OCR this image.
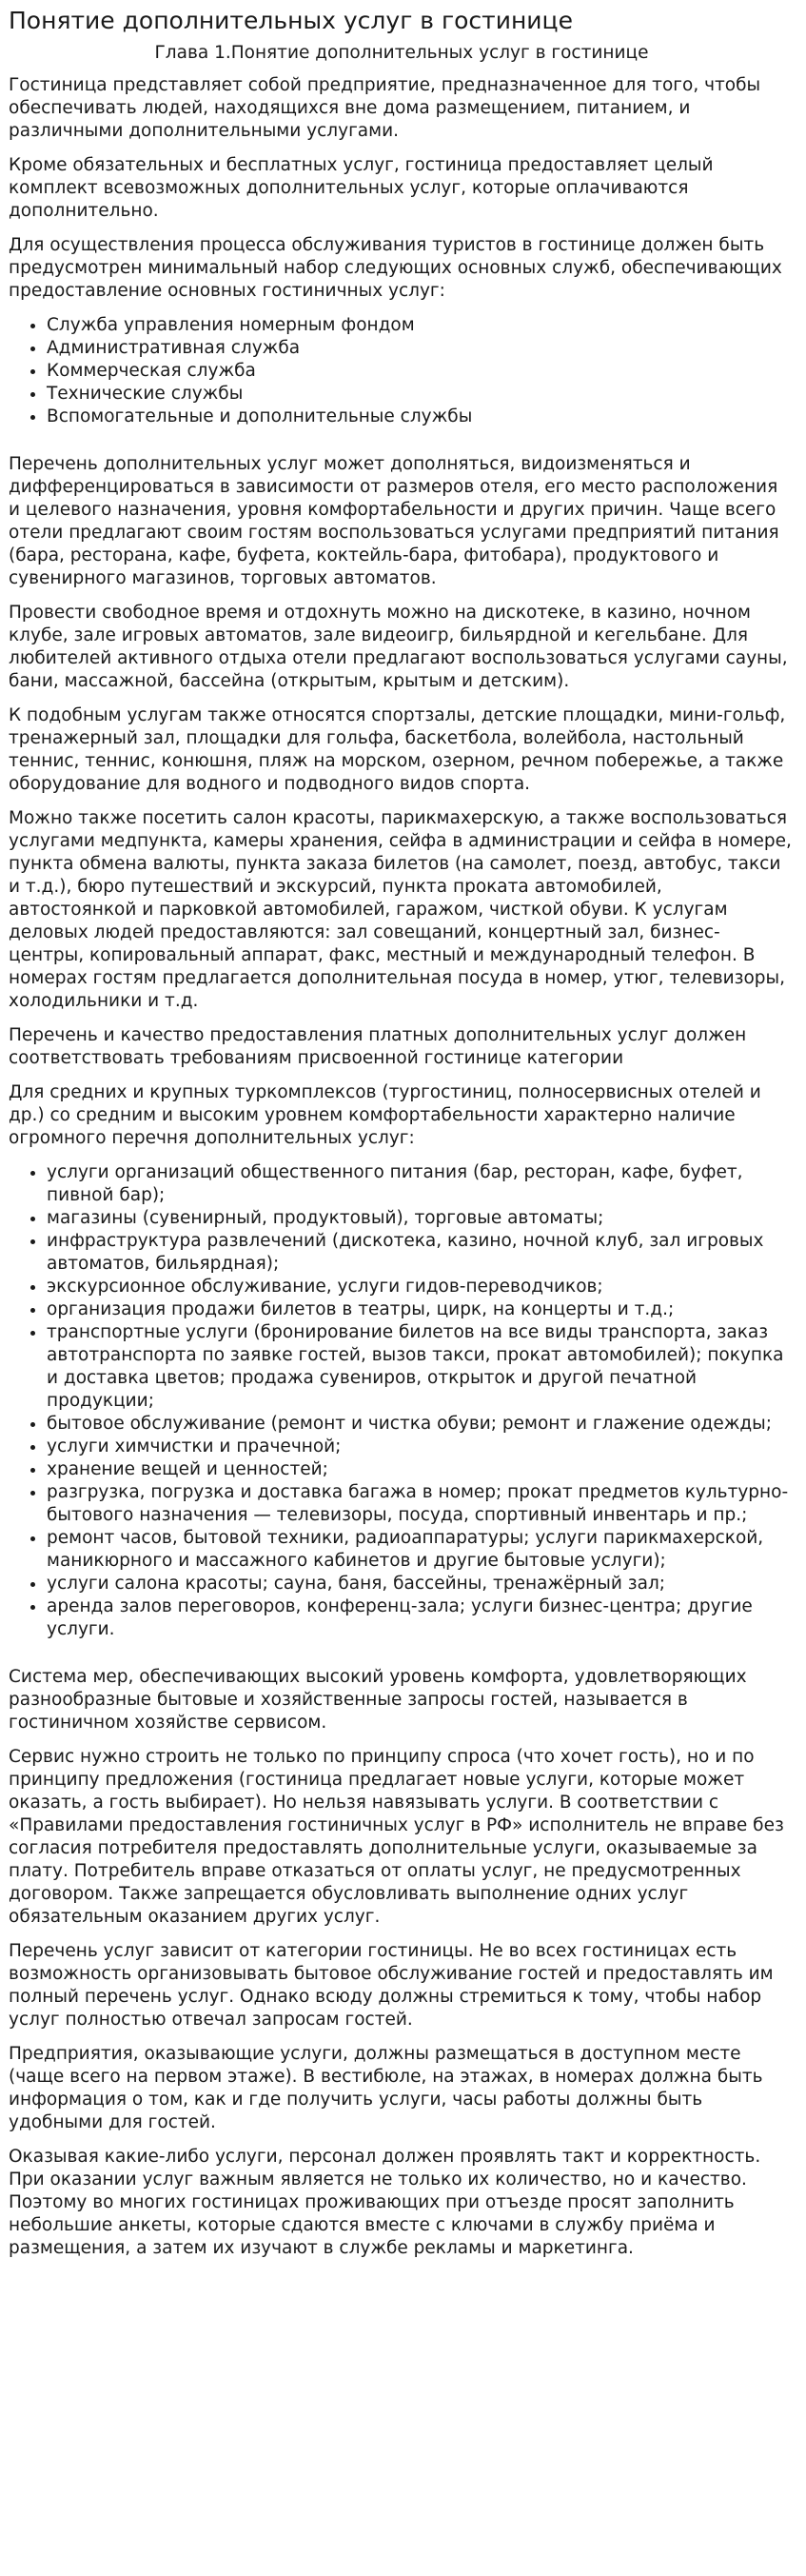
Понятие дополнительных услуг в гостинице
Глава 1.Понятие дополнительных услуг в гостинице

Гостиница представляет собой предприятие, предназначенное для того, чтобы обеспечивать людей, находящихся вне дома размещением, питанием, и различными дополнительными услугами.

Кроме обязательных и бесплатных услуг, гостиница предоставляет целый комплект всевозможных дополнительных услуг, которые оплачиваются дополнительно.

Для осуществления процесса обслуживания туристов в гостинице должен быть предусмотрен минимальный набор следующих основных служб, обеспечивающих предоставление основных гостиничных услуг:

• Служба управления номерным фондом
• Административная служба
• Коммерческая служба
• Технические службы
• Вспомогательные и дополнительные службы

Перечень дополнительных услуг может дополняться, видоизменяться и дифференцироваться в зависимости от размеров отеля, его место расположения и целевого назначения, уровня комфортабельности и других причин. Чаще всего отели предлагают своим гостям воспользоваться услугами предприятий питания (бара, ресторана, кафе, буфета, коктейль-бара, фитобара), продуктового и сувенирного магазинов, торговых автоматов.

Провести свободное время и отдохнуть можно на дискотеке, в казино, ночном клубе, зале игровых автоматов, зале видеоигр, бильярдной и кегельбане. Для любителей активного отдыха отели предлагают воспользоваться услугами сауны, бани, массажной, бассейна (открытым, крытым и детским).

К подобным услугам также относятся спортзалы, детские площадки, мини-гольф, тренажерный зал, площадки для гольфа, баскетбола, волейбола, настольный теннис, теннис, конюшня, пляж на морском, озерном, речном побережье, а также оборудование для водного и подводного видов спорта.

Можно также посетить салон красоты, парикмахерскую, а также воспользоваться услугами медпункта, камеры хранения, сейфа в администрации и сейфа в номере, пункта обмена валюты, пункта заказа билетов (на самолет, поезд, автобус, такси и т.д.), бюро путешествий и экскурсий, пункта проката автомобилей, автостоянкой и парковкой автомобилей, гаражом, чисткой обуви. К услугам деловых людей предоставляются: зал совещаний, концертный зал, бизнес-центры, копировальный аппарат, факс, местный и международный телефон. В номерах гостям предлагается дополнительная посуда в номер, утюг, телевизоры, холодильники и т.д.

Перечень и качество предоставления платных дополнительных услуг должен соответствовать требованиям присвоенной гостинице категории

Для средних и крупных туркомплексов (тургостиниц, полносервисных отелей и др.) со средним и высоким уровнем комфортабельности характерно наличие огромного перечня дополнительных услуг:

• услуги организаций общественного питания (бар, ресторан, кафе, буфет, пивной бар);
• магазины (сувенирный, продуктовый), торговые автоматы;
• инфраструктура развлечений (дискотека, казино, ночной клуб, зал игровых автоматов, бильярдная);
• экскурсионное обслуживание, услуги гидов-переводчиков;
• организация продажи билетов в театры, цирк, на концерты и т.д.;
• транспортные услуги (бронирование билетов на все виды транспорта, заказ автотранспорта по заявке гостей, вызов такси, прокат автомобилей); покупка и доставка цветов; продажа сувениров, открыток и другой печатной продукции;
• бытовое обслуживание (ремонт и чистка обуви; ремонт и глажение одежды;
• услуги химчистки и прачечной;
• хранение вещей и ценностей;
• разгрузка, погрузка и доставка багажа в номер; прокат предметов культурно-бытового назначения — телевизоры, посуда, спортивный инвентарь и пр.;
• ремонт часов, бытовой техники, радиоаппаратуры; услуги парикмахерской, маникюрного и массажного кабинетов и другие бытовые услуги);
• услуги салона красоты; сауна, баня, бассейны, тренажёрный зал;
• аренда залов переговоров, конференц-зала; услуги бизнес-центра; другие услуги.

Система мер, обеспечивающих высокий уровень комфорта, удовлетворяющих разнообразные бытовые и хозяйственные запросы гостей, называется в гостиничном хозяйстве сервисом.

Сервис нужно строить не только по принципу спроса (что хочет гость), но и по принципу предложения (гостиница предлагает новые услуги, которые может оказать, а гость выбирает). Но нельзя навязывать услуги. В соответствии с «Правилами предоставления гостиничных услуг в РФ» исполнитель не вправе без согласия потребителя предоставлять дополнительные услуги, оказываемые за плату. Потребитель вправе отказаться от оплаты услуг, не предусмотренных договором. Также запрещается обусловливать выполнение одних услуг обязательным оказанием других услуг.

Перечень услуг зависит от категории гостиницы. Не во всех гостиницах есть возможность организовывать бытовое обслуживание гостей и предоставлять им полный перечень услуг. Однако всюду должны стремиться к тому, чтобы набор услуг полностью отвечал запросам гостей.

Предприятия, оказывающие услуги, должны размещаться в доступном месте (чаще всего на первом этаже). В вестибюле, на этажах, в номерах должна быть информация о том, как и где получить услуги, часы работы должны быть удобными для гостей.

Оказывая какие-либо услуги, персонал должен проявлять такт и корректность. При оказании услуг важным является не только их количество, но и качество. Поэтому во многих гостиницах проживающих при отъезде просят заполнить небольшие анкеты, которые сдаются вместе с ключами в службу приёма и размещения, а затем их изучают в службе рекламы и маркетинга.
